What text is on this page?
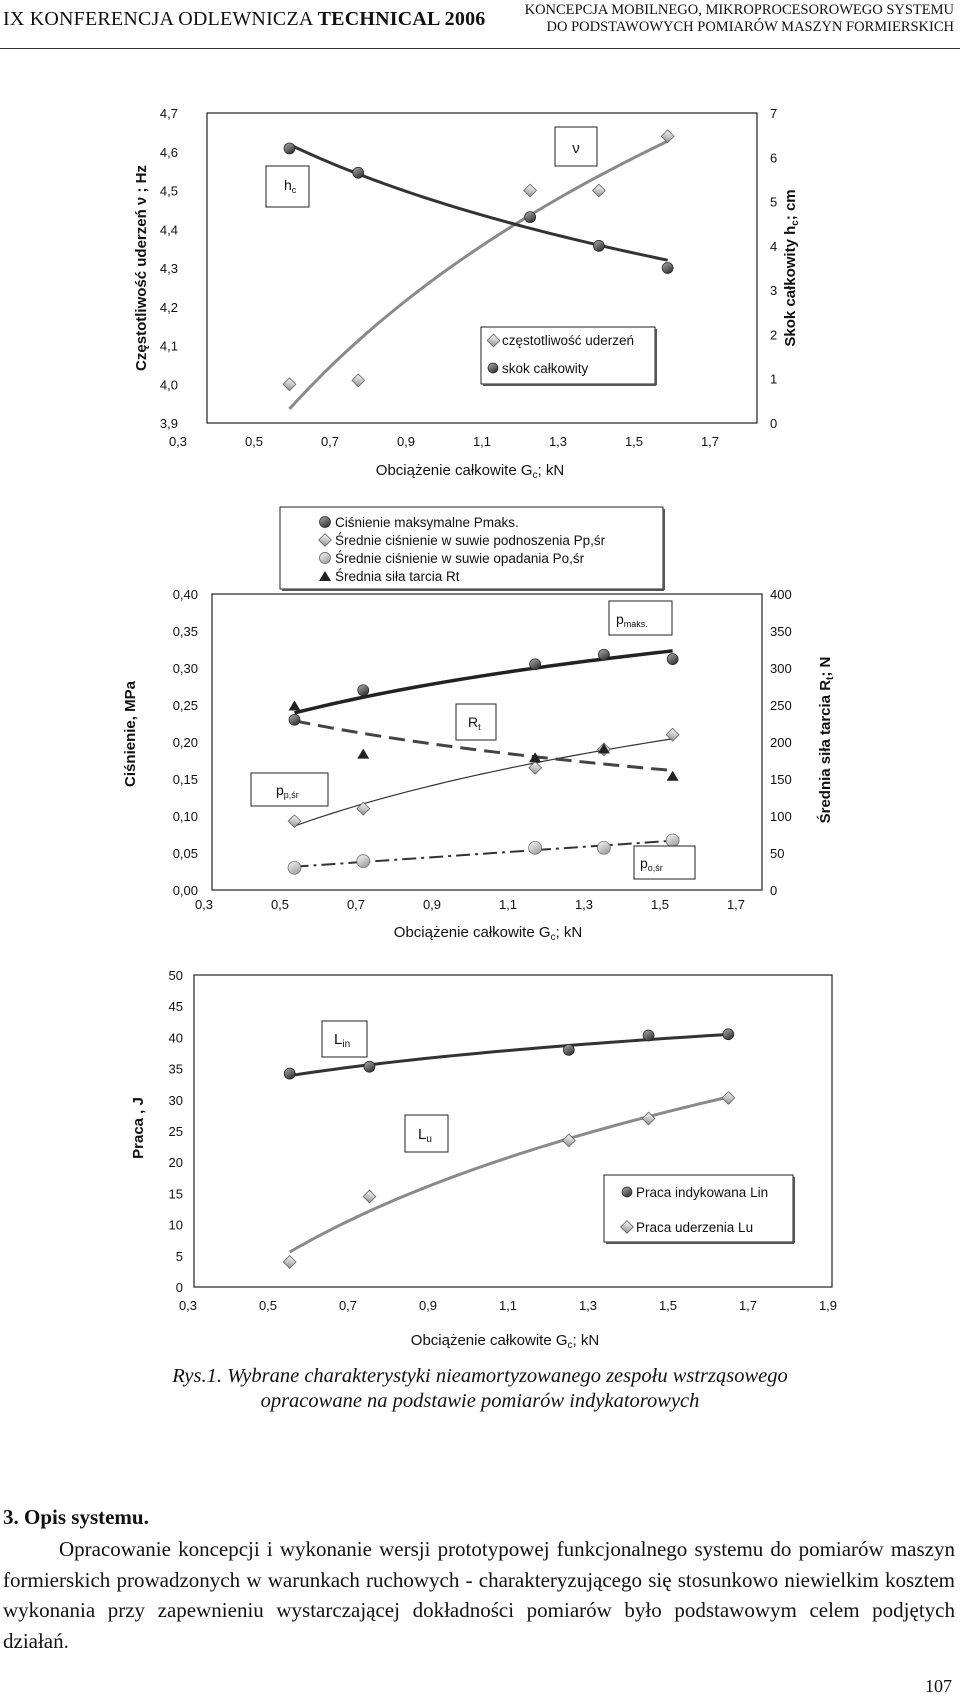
IX KONFERENCJA ODLEWNICZA TECHNICAL 2006	KONCEPCJA MOBILNEGO, MIKROPROCESOROWEGO SYSTEMU
DO PODSTAWOWYCH POMIARÓW MASZYN FORMIERSKICH
3,9
4,0
4,1
4,2
4,3
4,4
4,5
4,6
4,7
0
1
2
3
4
5
6
7
0,3	0,5	0,7	0,9	1,1	1,3	1,5	1,7
Częstotliwość uderzeń ν ; Hz	Skok całkowity $h_c$; cm
Obciążenie całkowite $G_c$; kN
$h_c$
ν
częstotliwość uderzeń
skok całkowity
0,00
0,05
0,10
0,15
0,20
0,25
0,30
0,35
0,40
0
50
100
150
200
250
300
350
400
0,3	0,5	0,7	0,9	1,1	1,3	1,5	1,7
Ciśnienie, MPa	Średnia siła tarcia $R_t$; N
Obciążenie całkowite $G_c$; kN
Ciśnienie maksymalne Pmaks.
Średnie ciśnienie w suwie podnoszenia Pp,śr
Średnie ciśnienie w suwie opadania Po,śr
Średnia siła tarcia Rt
$p_{maks.}$
$R_t$
$p_{p,śr}$
$p_{o,śr}$
0
5
10
15
20
25
30
35
40
45
50
0,3	0,5	0,7	0,9	1,1	1,3	1,5	1,7	1,9
Praca , J
Obciążenie całkowite $G_c$; kN
$L_{in}$
$L_u$
Praca indykowana Lin
Praca uderzenia Lu
Rys.1. Wybrane charakterystyki nieamortyzowanego zespołu wstrząsowego
opracowane na podstawie pomiarów indykatorowych
3. Opis systemu.
Opracowanie koncepcji i wykonanie wersji prototypowej funkcjonalnego systemu do pomiarów maszyn formierskich prowadzonych w warunkach ruchowych - charakteryzującego się stosunkowo niewielkim kosztem wykonania przy zapewnieniu wystarczającej dokładności pomiarów było podstawowym celem podjętych działań.
107
